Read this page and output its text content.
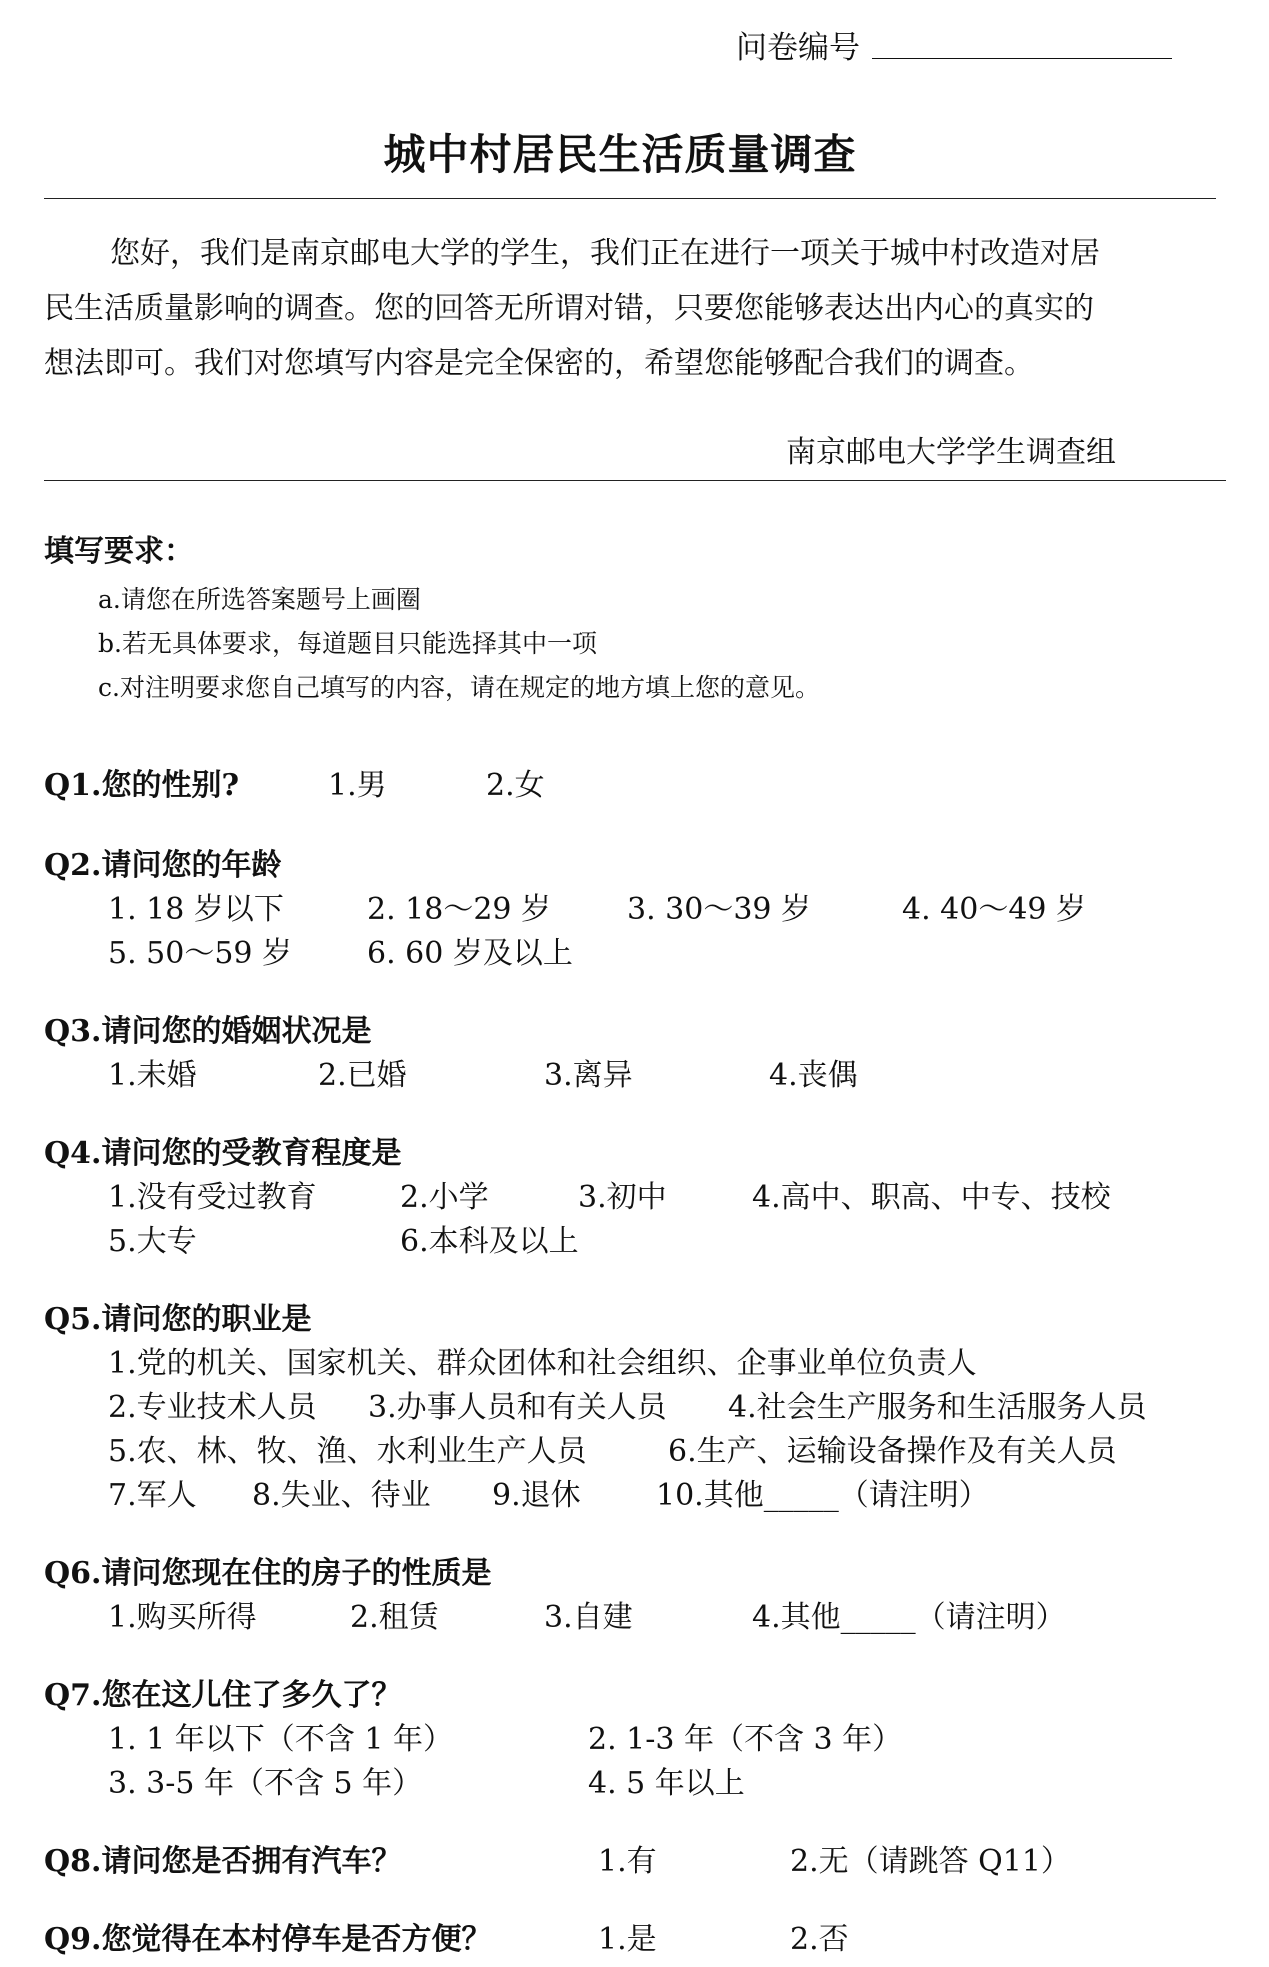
问卷编号
城中村居民生活质量调查
您好，我们是南京邮电大学的学生，我们正在进行一项关于城中村改造对居
民生活质量影响的调查。您的回答无所谓对错，只要您能够表达出内心的真实的
想法即可。我们对您填写内容是完全保密的，希望您能够配合我们的调查。
南京邮电大学学生调查组
填写要求：
a.请您在所选答案题号上画圈
b.若无具体要求，每道题目只能选择其中一项
c.对注明要求您自己填写的内容，请在规定的地方填上您的意见。
Q1.您的性别?	1.男	2.女
Q2.请问您的年龄
1. 18 岁以下	2. 18～29 岁	3. 30～39 岁	4. 40～49 岁
5. 50～59 岁 6. 60 岁及以上
Q3.请问您的婚姻状况是
1.未婚	2.已婚	3.离异	4.丧偶
Q4.请问您的受教育程度是
1.没有受过教育	2.小学	3.初中	4.高中、职高、中专、技校
5.大专	6.本科及以上
Q5.请问您的职业是
1.党的机关、国家机关、群众团体和社会组织、企事业单位负责人
2.专业技术人员 3.办事人员和有关人员 4.社会生产服务和生活服务人员
5.农、林、牧、渔、水利业生产人员	6.生产、运输设备操作及有关人员
7.军人 8.失业、待业 9.退休	10.其他_____（请注明）
Q6.请问您现在住的房子的性质是
1.购买所得	2.租赁	3.自建	4.其他_____（请注明）
Q7.您在这儿住了多久了？
1. 1 年以下（不含 1 年）	2. 1-3 年（不含 3 年）
3. 3-5 年（不含 5 年）	4. 5 年以上
Q8.请问您是否拥有汽车？	1.有	2.无（请跳答 Q11）
Q9.您觉得在本村停车是否方便？	1.是	2.否
